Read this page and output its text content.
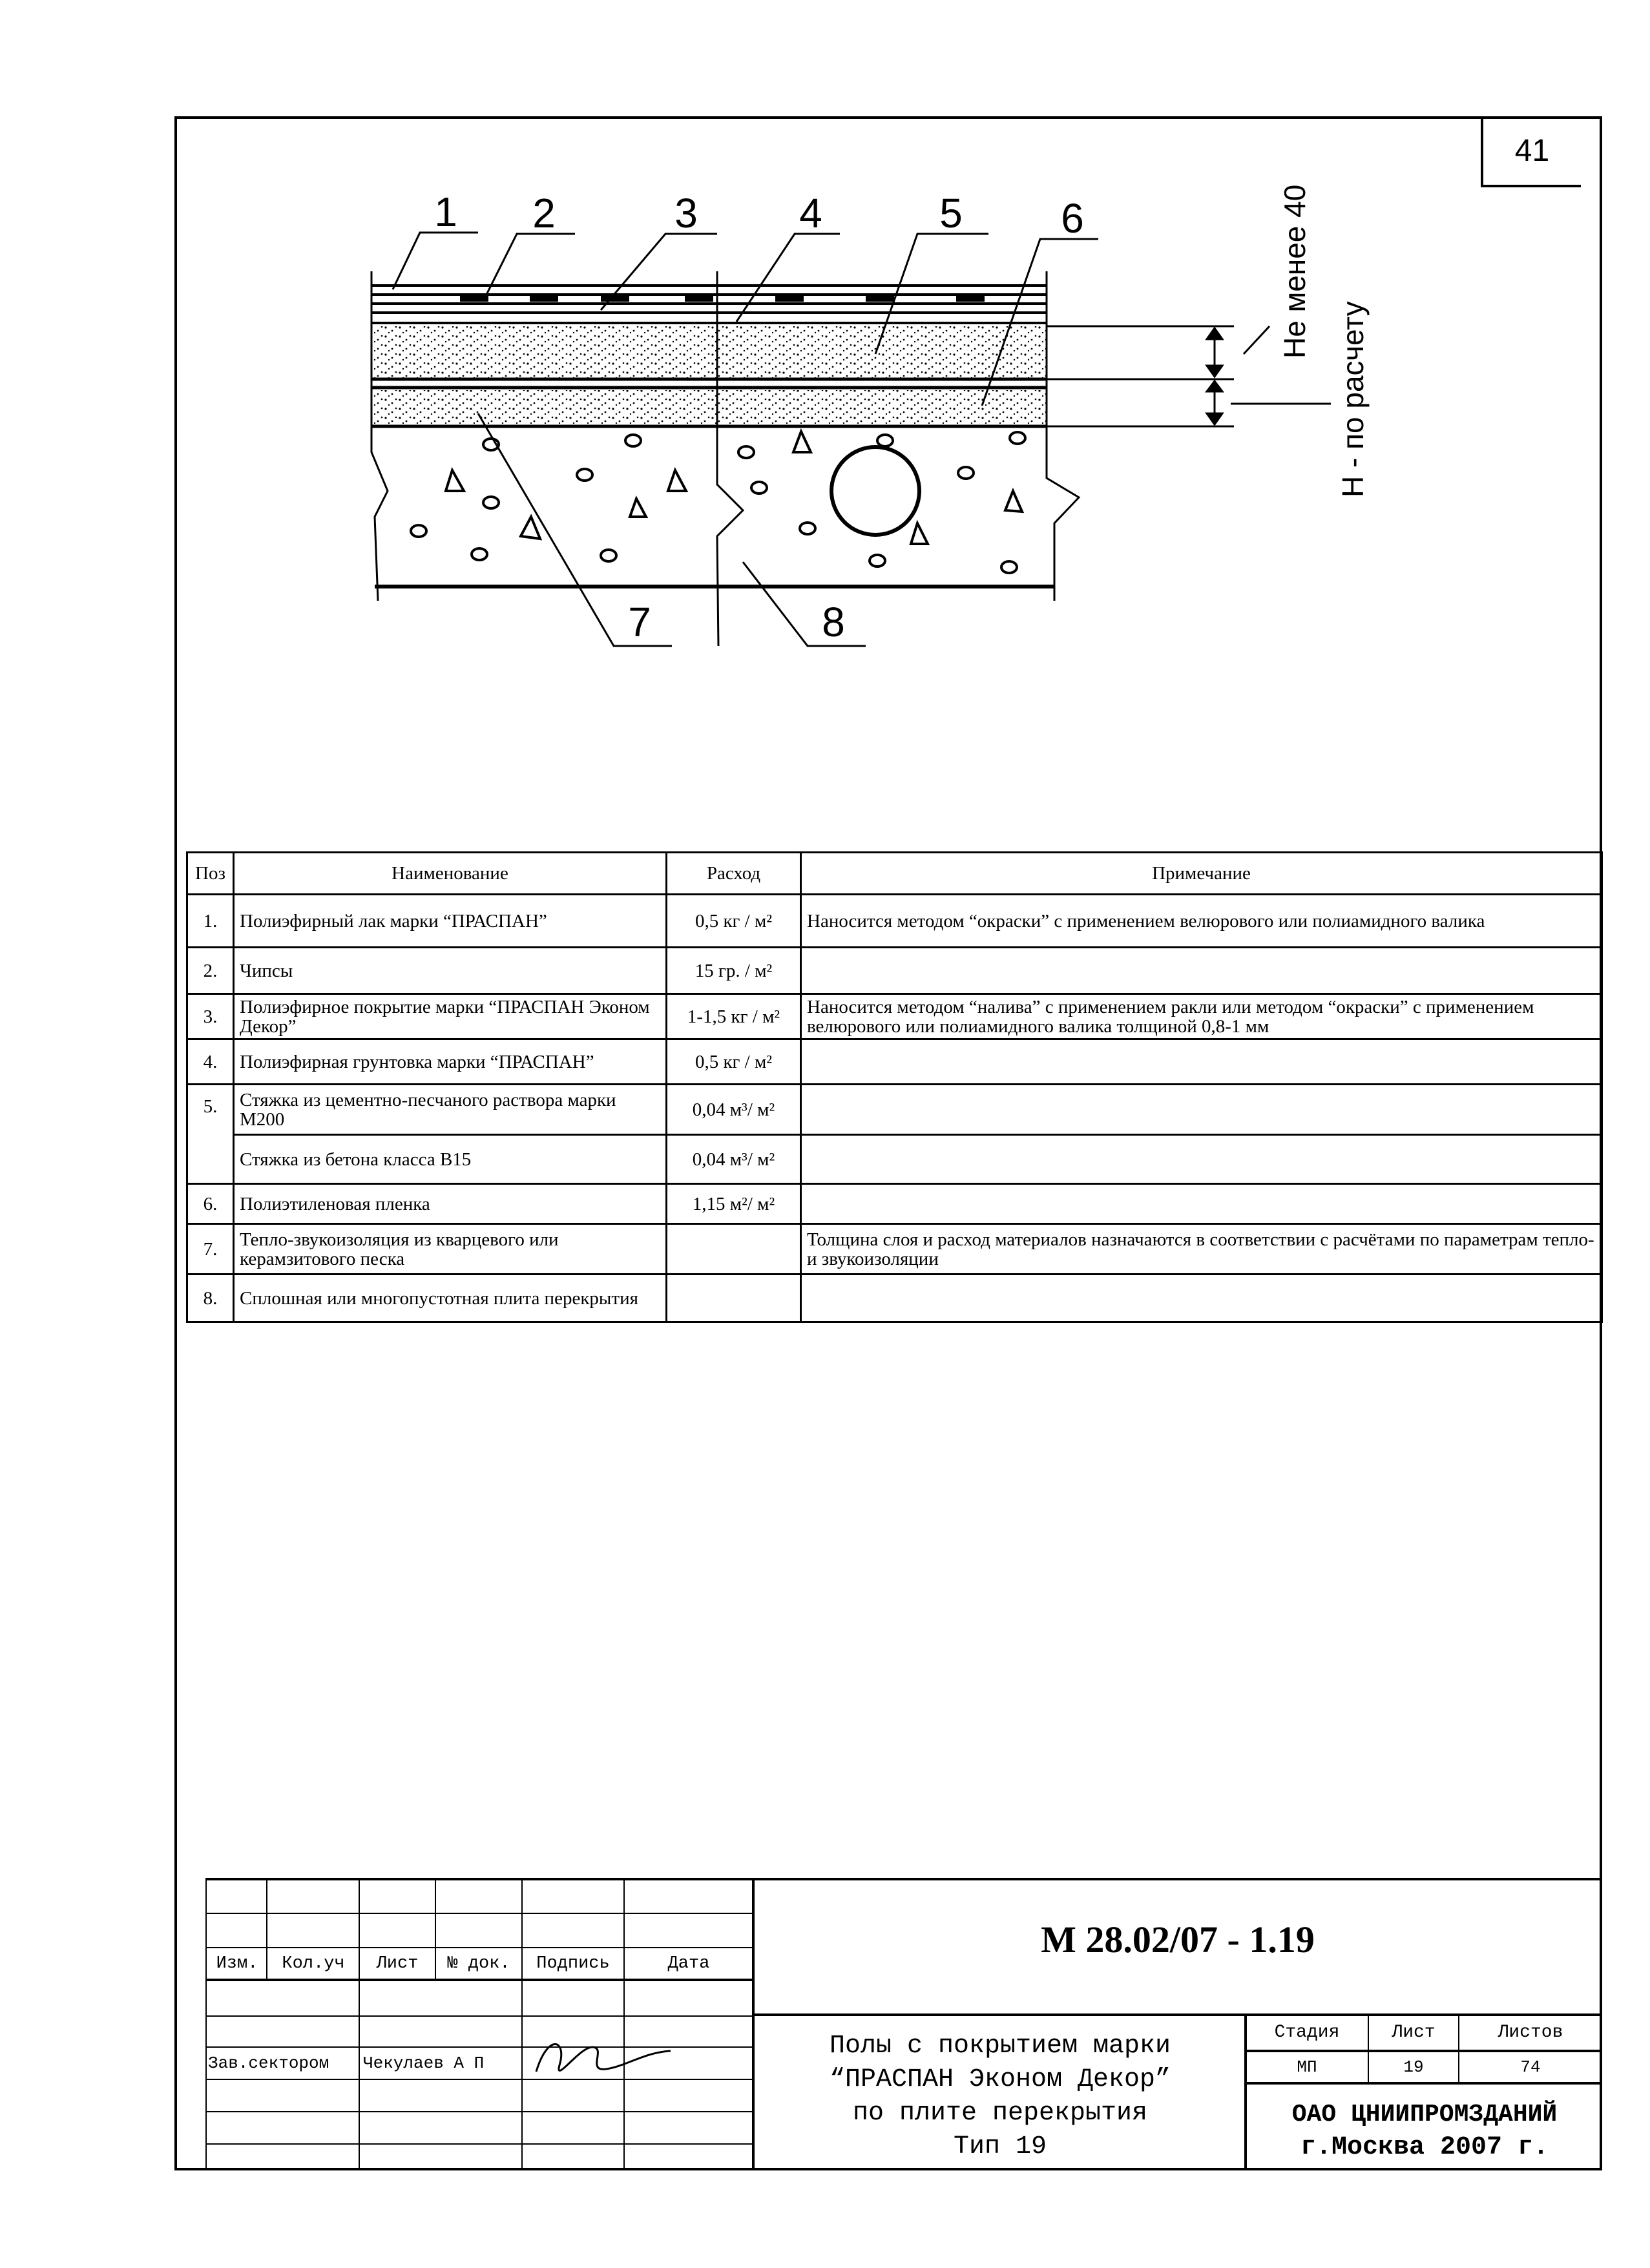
41
1 2	3 4	5 6
7	8
Не менее 40
Н - по расчету
Поз	Наименование	Расход	Примечание
1.	Полиэфирный лак марки “ПРАСПАН”	0,5 кг / м²	Наносится методом “окраски” с применением велюрового или полиамидного валика
2.	Чипсы	15 гр. / м²	
3.	Полиэфирное покрытие марки “ПРАСПАН Эконом Декор”	1-1,5 кг / м²	Наносится методом “налива” с применением ракли или методом “окраски” с применением велюрового или полиамидного валика толщиной 0,8-1 мм
4.	Полиэфирная грунтовка марки “ПРАСПАН”	0,5 кг / м²	
5.	Стяжка из цементно-песчаного раствора марки М200	0,04 м³/ м²	
	Стяжка из бетона класса В15	0,04 м³/ м²	
6.	Полиэтиленовая пленка	1,15 м²/ м²	
7.	Тепло-звукоизоляция из кварцевого или керамзитового песка		Толщина слоя и расход материалов назначаются в соответствии с расчётами по параметрам тепло- и звукоизоляции
8.	Сплошная или многопустотная плита перекрытия		
М 28.02/07 - 1.19
Изм.	Кол.уч	Лист	№ док.	Подпись	Дата
Зав.сектором	Чекулаев А П
Полы с покрытием марки
“ПРАСПАН Эконом Декор”
по плите перекрытия
Тип 19
Стадия	Лист	Листов
МП	19	74
ОАО ЦНИИПРОМЗДАНИЙ
г.Москва 2007 г.
